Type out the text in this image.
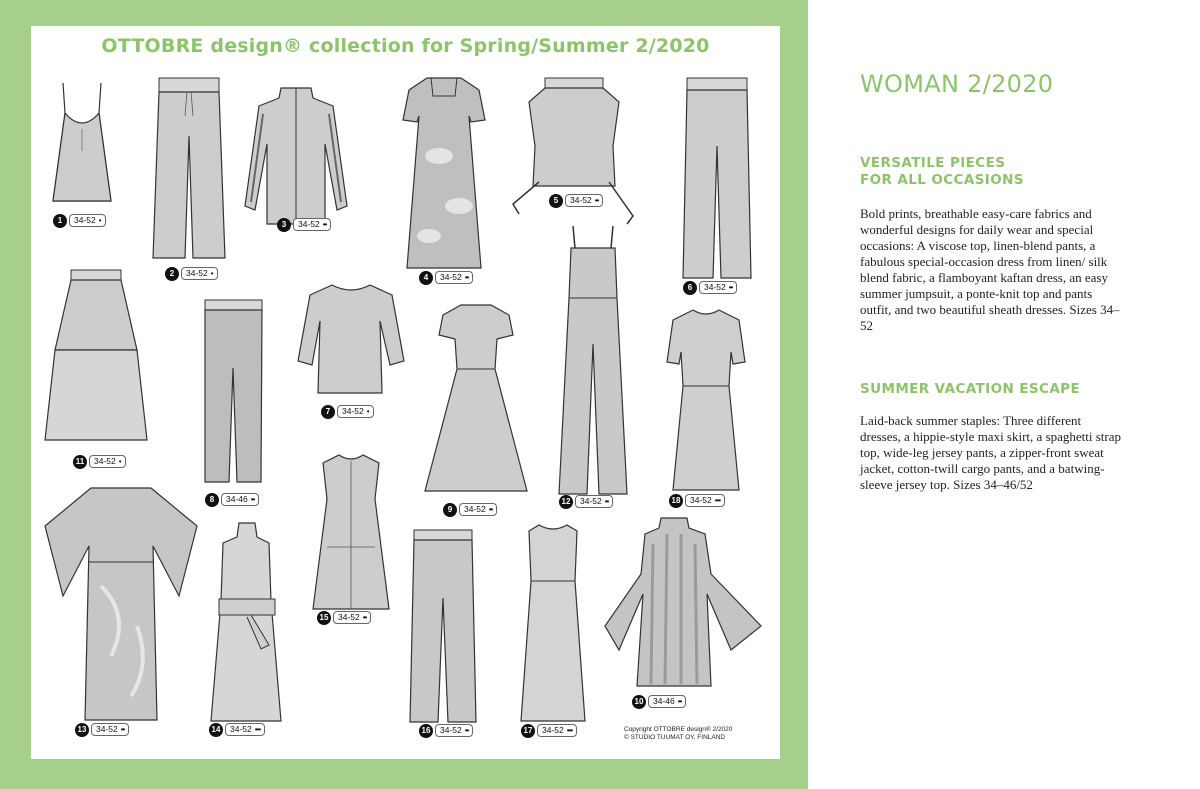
OTTOBRE design® collection for Spring/Summer 2/2020
1	34-52 •
2	34-52 •
3	34-52 ••
4	34-52 ••
5	34-52 ••
6	34-52 ••
7	34-52 •
8	34-46 ••
9	34-52 ••
10	34-46 ••
11	34-52 •
12	34-52 ••
13	34-52 ••	14	34-52 •••
15	34-52 ••
16	34-52 ••	17	34-52 •••
18	34-52 •••
Copyright OTTOBRE design® 2/2020
© STUDIO TUUMAT OY, FINLAND
WOMAN 2/2020
VERSATILE PIECES
FOR ALL OCCASIONS
Bold prints, breathable easy-care fabrics and wonderful designs for daily wear and special occasions: A viscose top, linen-blend pants, a fabulous special-occasion dress from linen/ silk blend fabric, a flamboyant kaftan dress, an easy summer jumpsuit, a ponte-knit top and pants outfit, and two beautiful sheath dresses. Sizes 34–52
SUMMER VACATION ESCAPE
Laid-back summer staples: Three different dresses, a hippie-style maxi skirt, a spaghetti strap top, wide-leg jersey pants, a zipper-front sweat jacket, cotton-twill cargo pants, and a batwing-sleeve jersey top. Sizes 34–46/52
